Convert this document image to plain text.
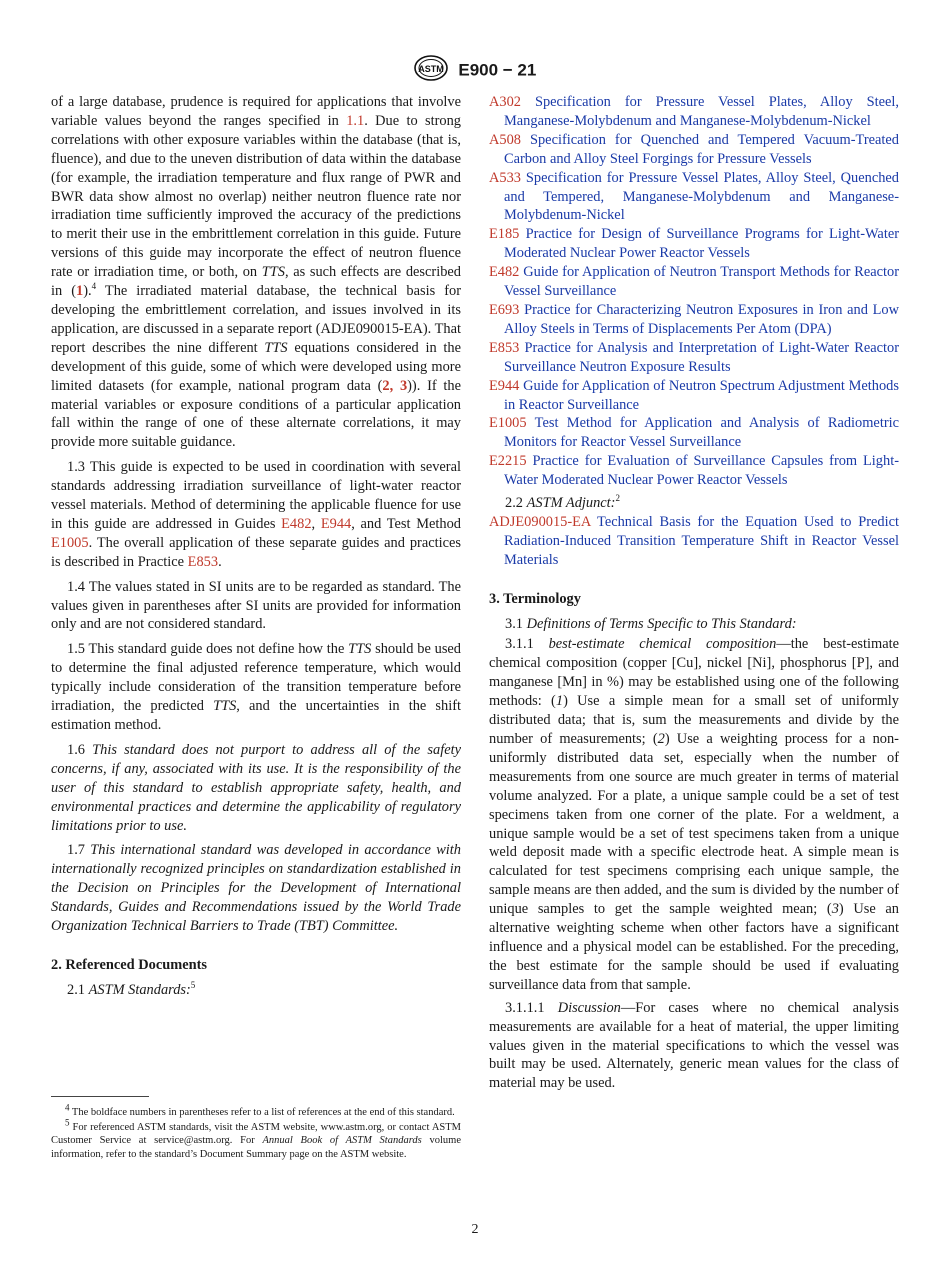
ASTM E900 − 21

of a large database, prudence is required for applications that involve variable values beyond the ranges specified in 1.1. Due to strong correlations with other exposure variables within the database (that is, fluence), and due to the uneven distribution of data within the database (for example, the irradiation temperature and flux range of PWR and BWR data show almost no overlap) neither neutron fluence rate nor irradiation time sufficiently improved the accuracy of the predictions to merit their use in the embrittlement correlation in this guide. Future versions of this guide may incorporate the effect of neutron fluence rate or irradiation time, or both, on TTS, as such effects are described in (1).$^4$ The irradiated material database, the technical basis for developing the embrittlement correlation, and issues involved in its application, are discussed in a separate report (ADJE090015-EA). That report describes the nine different TTS equations considered in the development of this guide, some of which were developed using more limited datasets (for example, national program data (2, 3)). If the material variables or exposure conditions of a particular application fall within the range of one of these alternate correlations, it may provide more suitable guidance.

1.3 This guide is expected to be used in coordination with several standards addressing irradiation surveillance of light-water reactor vessel materials. Method of determining the applicable fluence for use in this guide are addressed in Guides E482, E944, and Test Method E1005. The overall application of these separate guides and practices is described in Practice E853.

1.4 The values stated in SI units are to be regarded as standard. The values given in parentheses after SI units are provided for information only and are not considered standard.

1.5 This standard guide does not define how the TTS should be used to determine the final adjusted reference temperature, which would typically include consideration of the transition temperature before irradiation, the predicted TTS, and the uncertainties in the shift estimation method.

1.6 This standard does not purport to address all of the safety concerns, if any, associated with its use. It is the responsibility of the user of this standard to establish appropriate safety, health, and environmental practices and determine the applicability of regulatory limitations prior to use.

1.7 This international standard was developed in accordance with internationally recognized principles on standardization established in the Decision on Principles for the Development of International Standards, Guides and Recommendations issued by the World Trade Organization Technical Barriers to Trade (TBT) Committee.

2. Referenced Documents

2.1 ASTM Standards:$^5$

A302 Specification for Pressure Vessel Plates, Alloy Steel, Manganese-Molybdenum and Manganese-Molybdenum-Nickel

A508 Specification for Quenched and Tempered Vacuum-Treated Carbon and Alloy Steel Forgings for Pressure Vessels

A533 Specification for Pressure Vessel Plates, Alloy Steel, Quenched and Tempered, Manganese-Molybdenum and Manganese-Molybdenum-Nickel

E185 Practice for Design of Surveillance Programs for Light-Water Moderated Nuclear Power Reactor Vessels

E482 Guide for Application of Neutron Transport Methods for Reactor Vessel Surveillance

E693 Practice for Characterizing Neutron Exposures in Iron and Low Alloy Steels in Terms of Displacements Per Atom (DPA)

E853 Practice for Analysis and Interpretation of Light-Water Reactor Surveillance Neutron Exposure Results

E944 Guide for Application of Neutron Spectrum Adjustment Methods in Reactor Surveillance

E1005 Test Method for Application and Analysis of Radiometric Monitors for Reactor Vessel Surveillance

E2215 Practice for Evaluation of Surveillance Capsules from Light-Water Moderated Nuclear Power Reactor Vessels

2.2 ASTM Adjunct:$^2$

ADJE090015-EA Technical Basis for the Equation Used to Predict Radiation-Induced Transition Temperature Shift in Reactor Vessel Materials

3. Terminology

3.1 Definitions of Terms Specific to This Standard:

3.1.1 best-estimate chemical composition—the best-estimate chemical composition (copper [Cu], nickel [Ni], phosphorus [P], and manganese [Mn] in %) may be established using one of the following methods: (1) Use a simple mean for a small set of uniformly distributed data; that is, sum the measurements and divide by the number of measurements; (2) Use a weighting process for a non-uniformly distributed data set, especially when the number of measurements from one source are much greater in terms of material volume analyzed. For a plate, a unique sample could be a set of test specimens taken from one corner of the plate. For a weldment, a unique sample would be a set of test specimens taken from a unique weld deposit made with a specific electrode heat. A simple mean is calculated for test specimens comprising each unique sample, the sample means are then added, and the sum is divided by the number of unique samples to get the sample weighted mean; (3) Use an alternative weighting scheme when other factors have a significant influence and a physical model can be established. For the preceding, the best estimate for the sample should be used if evaluating surveillance data from that sample.

3.1.1.1 Discussion—For cases where no chemical analysis measurements are available for a heat of material, the upper limiting values given in the material specifications to which the vessel was built may be used. Alternately, generic mean values for the class of material may be used.

$^4$ The boldface numbers in parentheses refer to a list of references at the end of this standard.

$^5$ For referenced ASTM standards, visit the ASTM website, www.astm.org, or contact ASTM Customer Service at service@astm.org. For Annual Book of ASTM Standards volume information, refer to the standard’s Document Summary page on the ASTM website.

2
